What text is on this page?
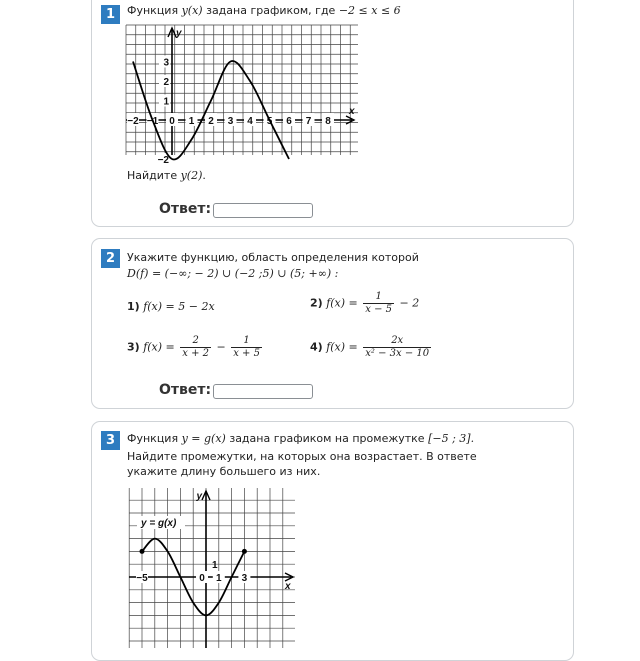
1	Функция y(x) задана графиком, где −2 ≤ x ≤ 6
−2 −1 0 1 2 3 4 5 6 7 8
3
2
1
−2
y
x
Найдите y(2).
Ответ:
2	Укажите функцию, область определения которой
D(f) = (−∞; − 2) ∪ (−2 ;5) ∪ (5; +∞) :
1) f(x) = 5 − 2x	2) $f(x) = \frac{1}{x - 5} - 2$
3) $f(x) = \frac{2}{x + 2} - \frac{1}{x + 5}$	4) $f(x) = \frac{2x}{\text{x² − 3x − 10}}$
Ответ:
3	Функция y = g(x) задана графиком на промежутке [−5 ; 3].
Найдите промежутки, на которых она возрастает. В ответе
укажите длину большего из них.
−5	0 1 3
1
y
x
y = g(x)
